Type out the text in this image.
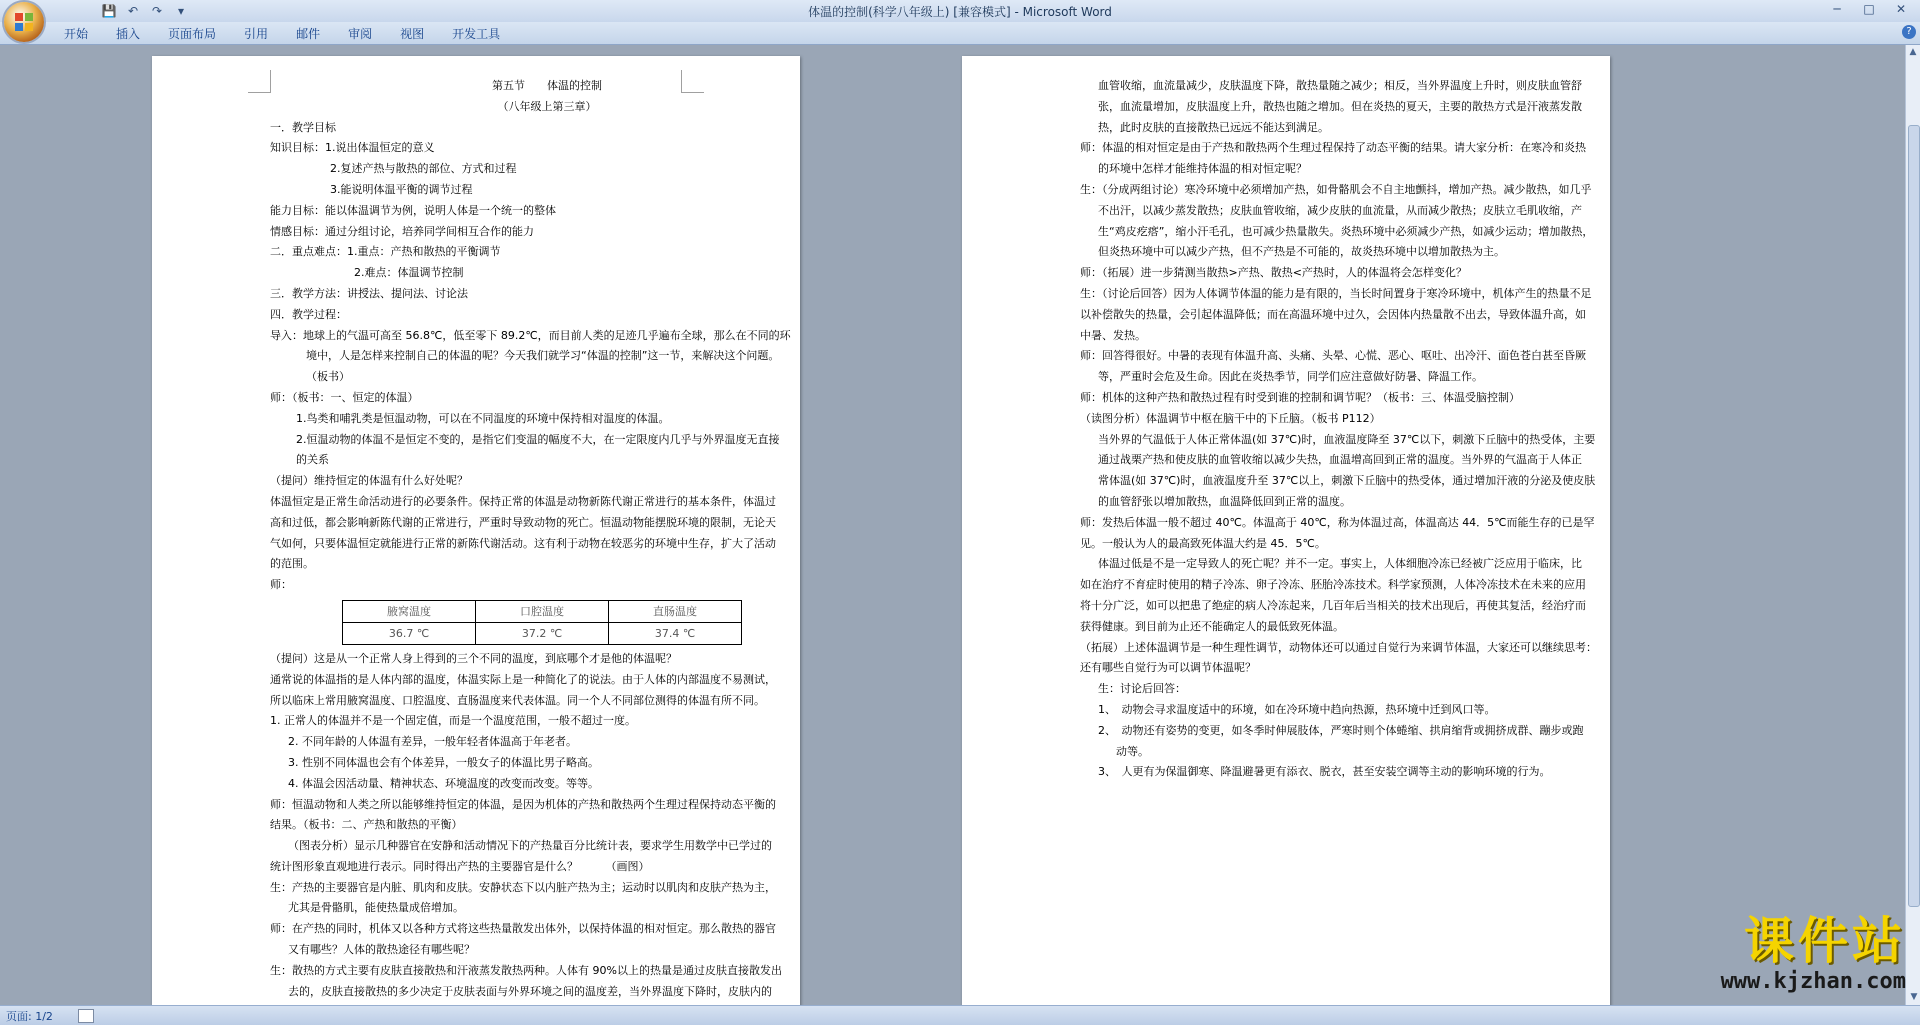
💾 ↶	↷	▾	体温的控制(科学八年级上) [兼容模式] - Microsoft Word	─	□	✕
开始	插入	页面布局	引用	邮件	审阅	视图	开发工具	?
第五节　　体温的控制
（八年级上第三章）
一．教学目标
知识目标：1.说出体温恒定的意义
2.复述产热与散热的部位、方式和过程
3.能说明体温平衡的调节过程
能力目标：能以体温调节为例，说明人体是一个统一的整体
情感目标：通过分组讨论，培养同学间相互合作的能力
二．重点难点：1.重点：产热和散热的平衡调节
2.难点：体温调节控制
三．教学方法：讲授法、提问法、讨论法
四．教学过程：
导入：地球上的气温可高至 56.8℃，低至零下 89.2℃，而目前人类的足迹几乎遍布全球，那么在不同的环
境中，人是怎样来控制自己的体温的呢？今天我们就学习“体温的控制”这一节，来解决这个问题。
（板书）
师：（板书：一、恒定的体温）
1.鸟类和哺乳类是恒温动物，可以在不同温度的环境中保持相对温度的体温。
2.恒温动物的体温不是恒定不变的，是指它们变温的幅度不大，在一定限度内几乎与外界温度无直接
的关系
（提问）维持恒定的体温有什么好处呢？
体温恒定是正常生命活动进行的必要条件。保持正常的体温是动物新陈代谢正常进行的基本条件，体温过
高和过低，都会影响新陈代谢的正常进行，严重时导致动物的死亡。恒温动物能摆脱环境的限制，无论天
气如何，只要体温恒定就能进行正常的新陈代谢活动。这有利于动物在较恶劣的环境中生存，扩大了活动
的范围。
师：
腋窝温度	口腔温度	直肠温度
36.7 ℃	37.2 ℃	37.4 ℃
（提问）这是从一个正常人身上得到的三个不同的温度，到底哪个才是他的体温呢？
通常说的体温指的是人体内部的温度，体温实际上是一种简化了的说法。由于人体的内部温度不易测试，
所以临床上常用腋窝温度、口腔温度、直肠温度来代表体温。同一个人不同部位测得的体温有所不同。
1. 正常人的体温并不是一个固定值，而是一个温度范围，一般不超过一度。
2. 不同年龄的人体温有差异，一般年轻者体温高于年老者。
3. 性别不同体温也会有个体差异，一般女子的体温比男子略高。
4. 体温会因活动量、精神状态、环境温度的改变而改变。等等。
师：恒温动物和人类之所以能够维持恒定的体温，是因为机体的产热和散热两个生理过程保持动态平衡的
结果。（板书：二、产热和散热的平衡）
（图表分析）显示几种器官在安静和活动情况下的产热量百分比统计表，要求学生用数学中已学过的
统计图形象直观地进行表示。同时得出产热的主要器官是什么？　　　（画图）
生：产热的主要器官是内脏、肌肉和皮肤。安静状态下以内脏产热为主；运动时以肌肉和皮肤产热为主，
尤其是骨骼肌，能使热量成倍增加。
师：在产热的同时，机体又以各种方式将这些热量散发出体外，以保持体温的相对恒定。那么散热的器官
又有哪些？人体的散热途径有哪些呢？
生：散热的方式主要有皮肤直接散热和汗液蒸发散热两种。人体有 90%以上的热量是通过皮肤直接散发出
去的，皮肤直接散热的多少决定于皮肤表面与外界环境之间的温度差，当外界温度下降时，皮肤内的
血管收缩，血流量减少，皮肤温度下降，散热量随之减少；相反，当外界温度上升时，则皮肤血管舒
张，血流量增加，皮肤温度上升，散热也随之增加。但在炎热的夏天，主要的散热方式是汗液蒸发散
热，此时皮肤的直接散热已远远不能达到满足。
师：体温的相对恒定是由于产热和散热两个生理过程保持了动态平衡的结果。请大家分析：在寒冷和炎热
的环境中怎样才能维持体温的相对恒定呢？
生：（分成两组讨论）寒冷环境中必须增加产热，如骨骼肌会不自主地颤抖，增加产热。减少散热，如几乎
不出汗，以减少蒸发散热；皮肤血管收缩，减少皮肤的血流量，从而减少散热；皮肤立毛肌收缩，产
生“鸡皮疙瘩”，缩小汗毛孔，也可减少热量散失。炎热环境中必须减少产热，如减少运动；增加散热，
但炎热环境中可以减少产热，但不产热是不可能的，故炎热环境中以增加散热为主。
师：（拓展）进一步猜测当散热>产热、散热<产热时，人的体温将会怎样变化？
生：（讨论后回答）因为人体调节体温的能力是有限的，当长时间置身于寒冷环境中，机体产生的热量不足
以补偿散失的热量，会引起体温降低；而在高温环境中过久，会因体内热量散不出去，导致体温升高，如
中暑、发热。
师：回答得很好。中暑的表现有体温升高、头痛、头晕、心慌、恶心、呕吐、出冷汗、面色苍白甚至昏厥
等，严重时会危及生命。因此在炎热季节，同学们应注意做好防暑、降温工作。
师：机体的这种产热和散热过程有时受到谁的控制和调节呢？（板书：三、体温受脑控制）
（读图分析）体温调节中枢在脑干中的下丘脑。（板书 P112）
当外界的气温低于人体正常体温(如 37℃)时，血液温度降至 37℃以下，刺激下丘脑中的热受体，主要
通过战栗产热和使皮肤的血管收缩以减少失热，血温增高回到正常的温度。当外界的气温高于人体正
常体温(如 37℃)时，血液温度升至 37℃以上，刺激下丘脑中的热受体，通过增加汗液的分泌及使皮肤
的血管舒张以增加散热，血温降低回到正常的温度。
师：发热后体温一般不超过 40℃。体温高于 40℃，称为体温过高，体温高达 44．5℃而能生存的已是罕
见。一般认为人的最高致死体温大约是 45．5℃。
体温过低是不是一定导致人的死亡呢？并不一定。事实上，人体细胞冷冻已经被广泛应用于临床，比
如在治疗不育症时使用的精子冷冻、卵子冷冻、胚胎冷冻技术。科学家预测，人体冷冻技术在未来的应用
将十分广泛，如可以把患了绝症的病人冷冻起来，几百年后当相关的技术出现后，再使其复活，经治疗而
获得健康。到目前为止还不能确定人的最低致死体温。
（拓展）上述体温调节是一种生理性调节，动物体还可以通过自觉行为来调节体温，大家还可以继续思考：
还有哪些自觉行为可以调节体温呢？
生：讨论后回答：
1、　动物会寻求温度适中的环境，如在冷环境中趋向热源，热环境中迁到风口等。
2、　动物还有姿势的变更，如冬季时伸展肢体，严寒时则个体蜷缩、拱肩缩背或拥挤成群、蹦步或跑
动等。
3、　人更有为保温御寒、降温避暑更有添衣、脱衣，甚至安装空调等主动的影响环境的行为。
▲
▼
页面: 1/2
课件站
www.kjzhan.com
